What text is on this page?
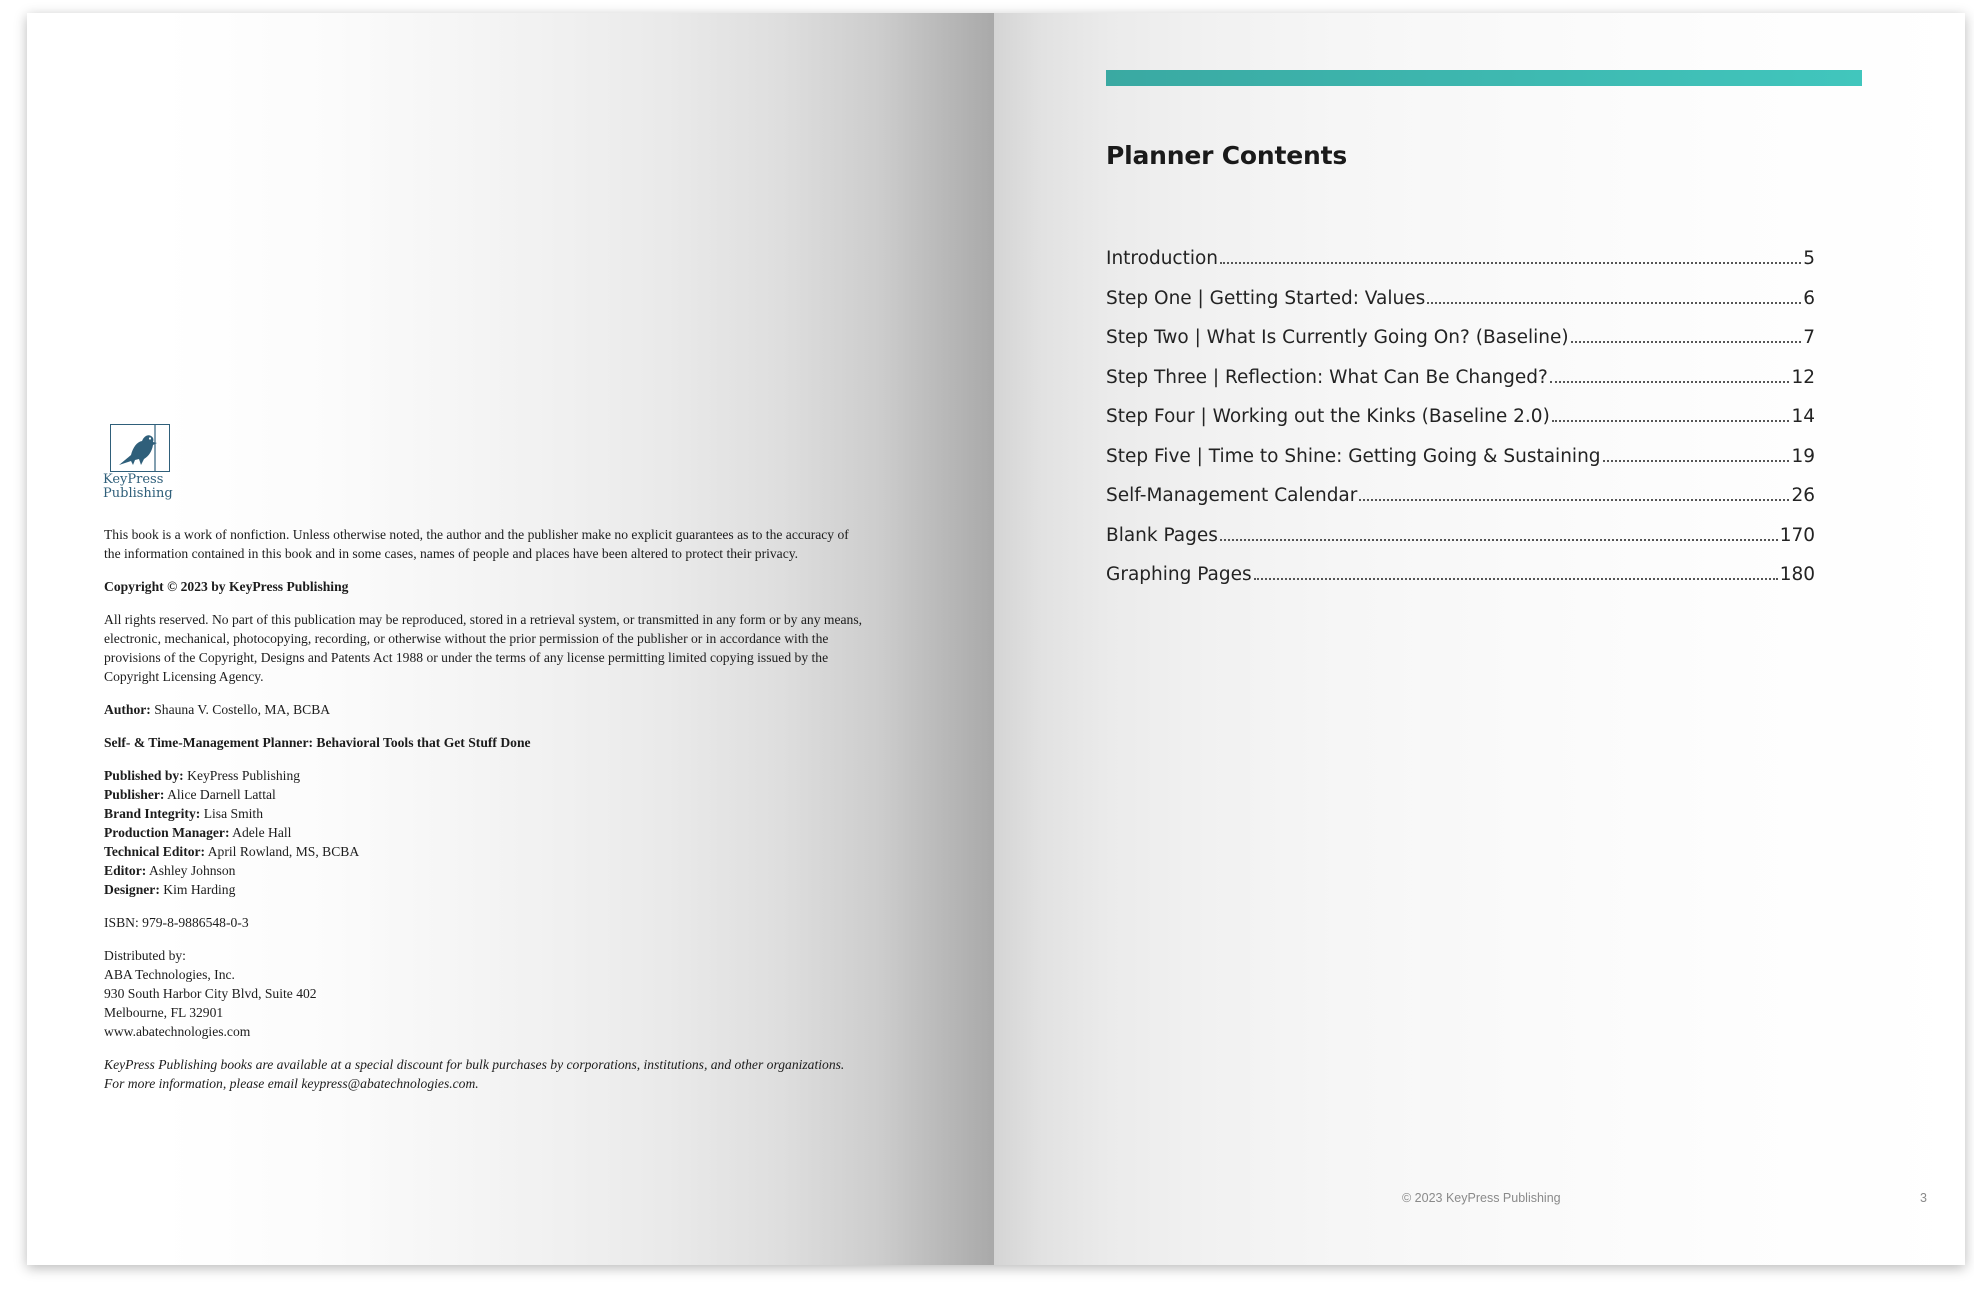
KeyPress
Publishing

This book is a work of nonfiction. Unless otherwise noted, the author and the publisher make no explicit guarantees as to the accuracy of the information contained in this book and in some cases, names of people and places have been altered to protect their privacy.

Copyright © 2023 by KeyPress Publishing

All rights reserved. No part of this publication may be reproduced, stored in a retrieval system, or transmitted in any form or by any means, electronic, mechanical, photocopying, recording, or otherwise without the prior permission of the publisher or in accordance with the provisions of the Copyright, Designs and Patents Act 1988 or under the terms of any license permitting limited copying issued by the Copyright Licensing Agency.

Author: Shauna V. Costello, MA, BCBA

Self- & Time-Management Planner: Behavioral Tools that Get Stuff Done

Published by: KeyPress Publishing
Publisher: Alice Darnell Lattal
Brand Integrity: Lisa Smith
Production Manager: Adele Hall
Technical Editor: April Rowland, MS, BCBA
Editor: Ashley Johnson
Designer: Kim Harding

ISBN: 979-8-9886548-0-3

Distributed by:
ABA Technologies, Inc.
930 South Harbor City Blvd, Suite 402
Melbourne, FL 32901
www.abatechnologies.com

KeyPress Publishing books are available at a special discount for bulk purchases by corporations, institutions, and other organizations. For more information, please email keypress@abatechnologies.com.

Planner Contents
Introduction	5
Step One | Getting Started: Values	6
Step Two | What Is Currently Going On? (Baseline)	7
Step Three | Reflection: What Can Be Changed?	12
Step Four | Working out the Kinks (Baseline 2.0)	14
Step Five | Time to Shine: Getting Going & Sustaining	19
Self-Management Calendar	26
Blank Pages	170
Graphing Pages	180
© 2023 KeyPress Publishing	3
